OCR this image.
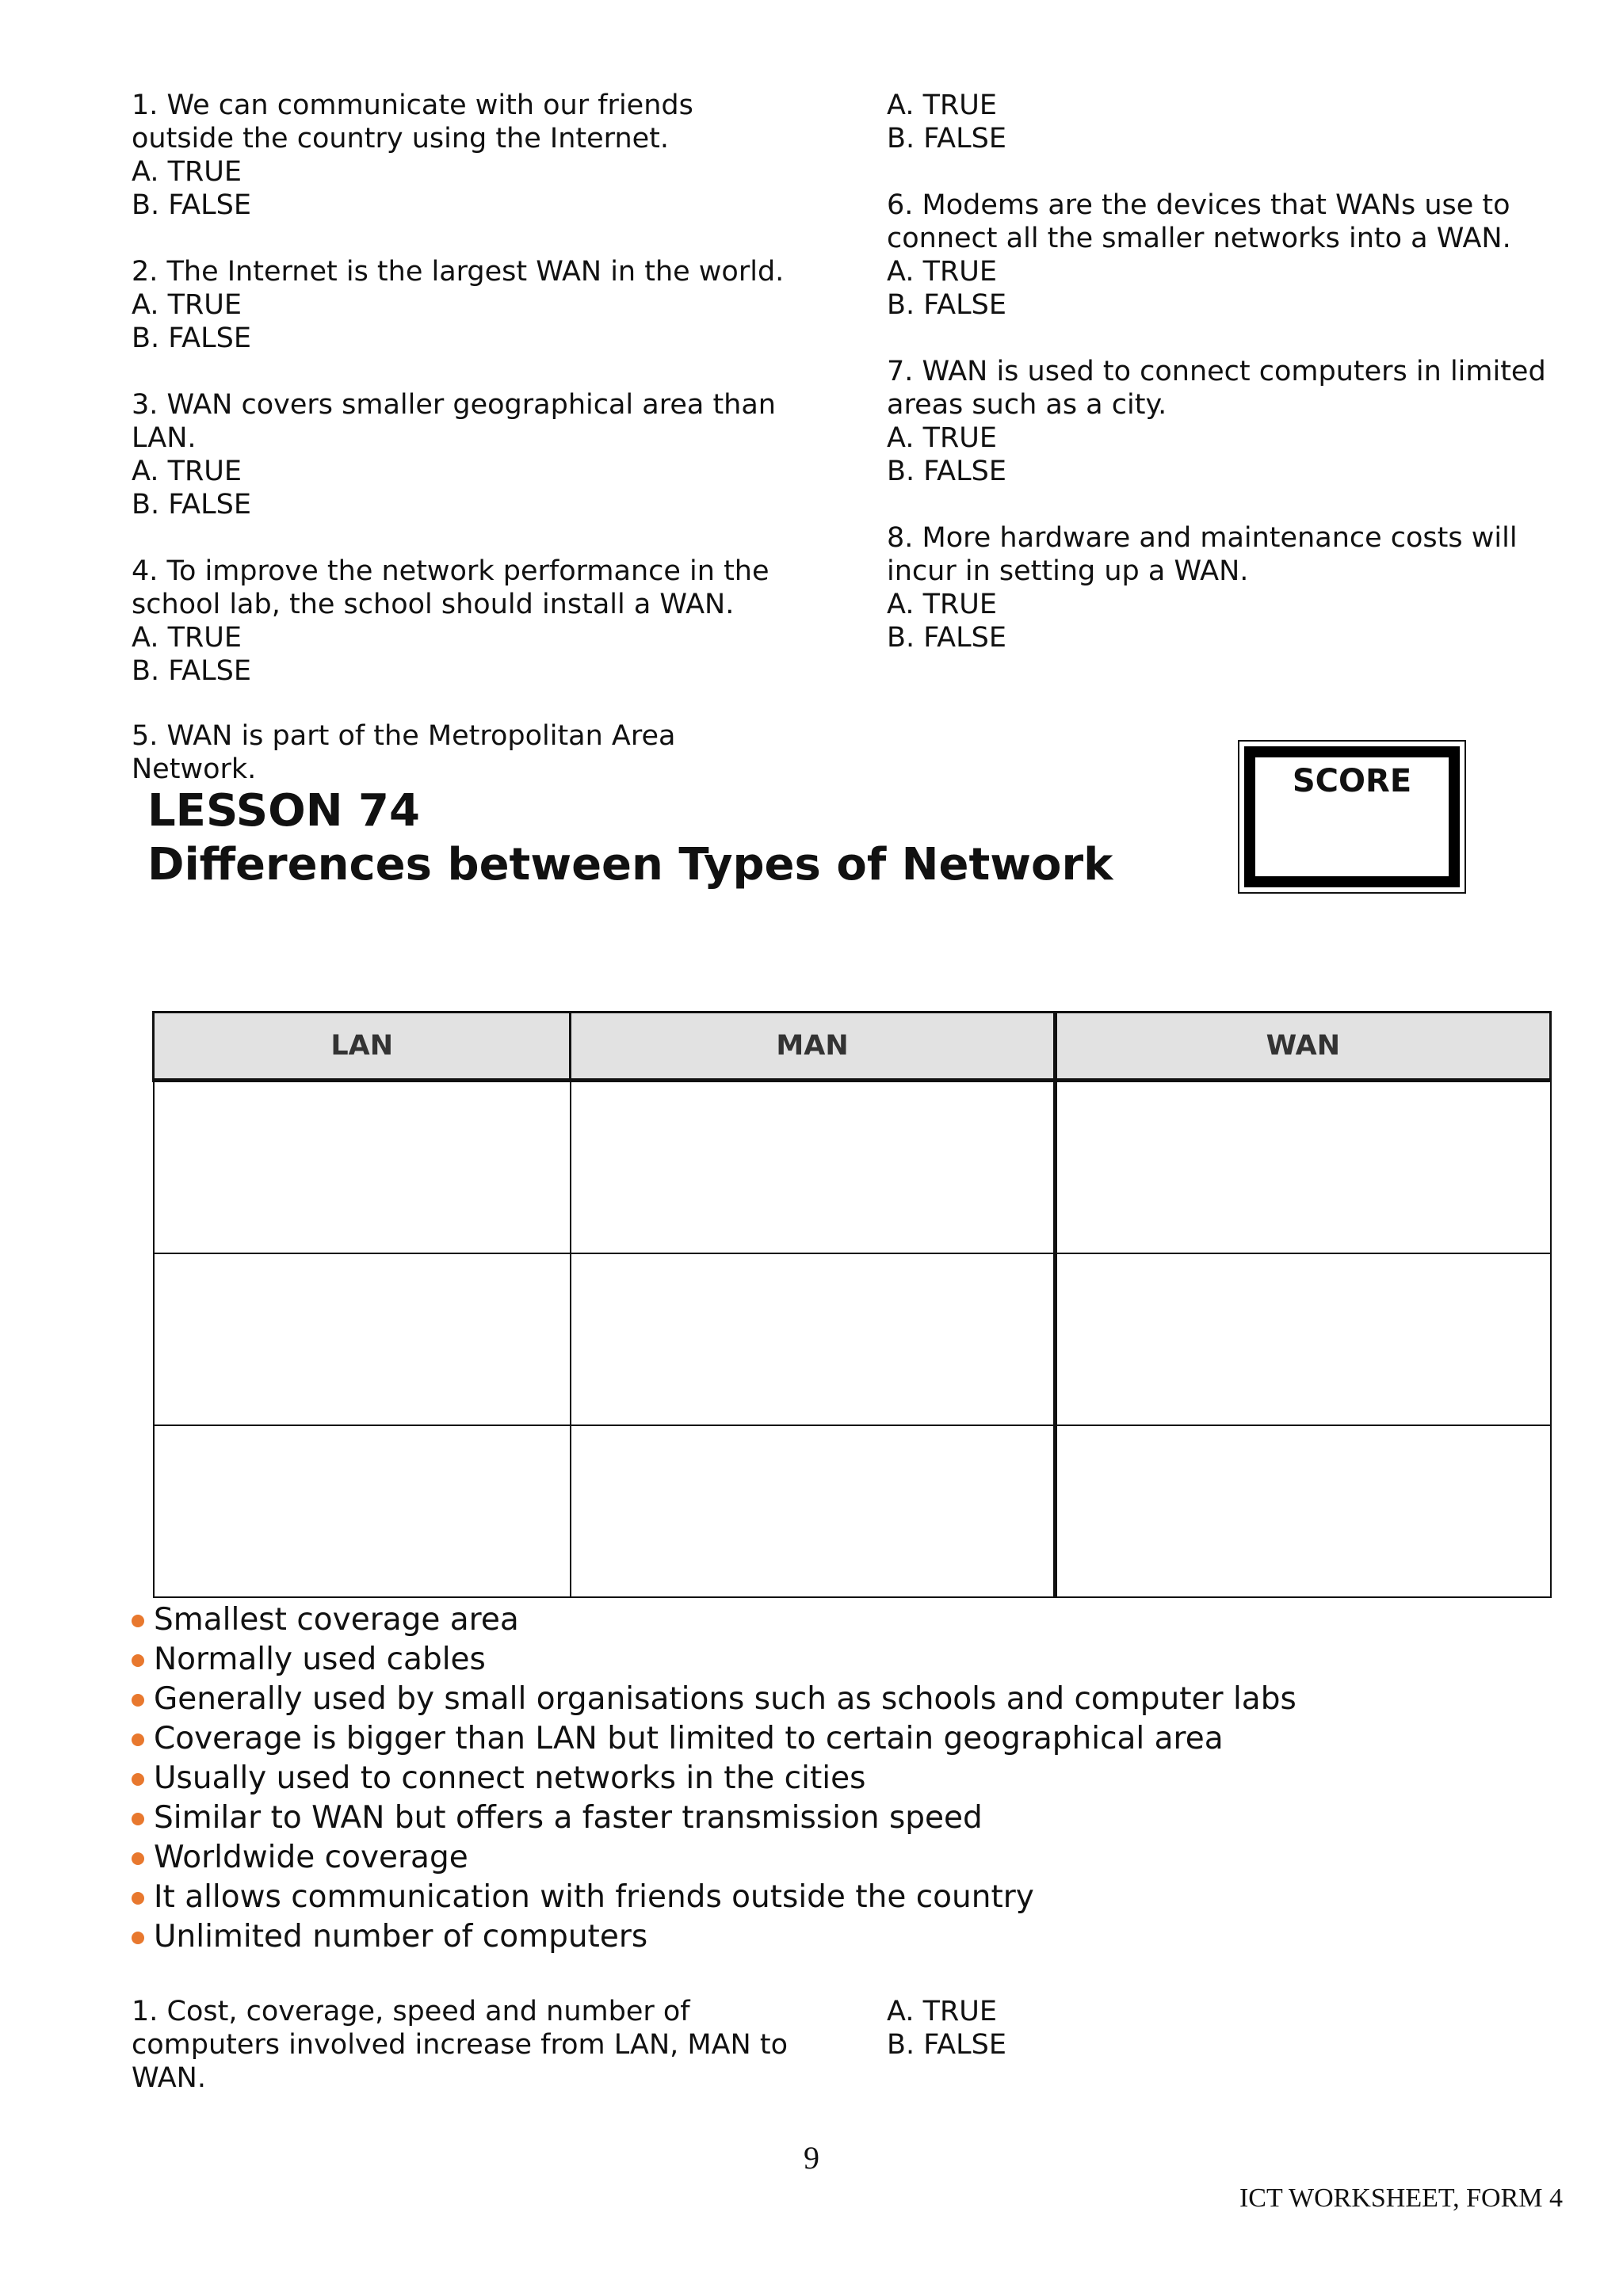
1. We can communicate with our friends
outside the country using the Internet.
A. TRUE
B. FALSE
2. The Internet is the largest WAN in the world.
A. TRUE
B. FALSE
3. WAN covers smaller geographical area than
LAN.
A. TRUE
B. FALSE
4. To improve the network performance in the
school lab, the school should install a WAN.
A. TRUE
B. FALSE
5. WAN is part of the Metropolitan Area
Network.
A. TRUE
B. FALSE
6. Modems are the devices that WANs use to
connect all the smaller networks into a WAN.
A. TRUE
B. FALSE
7. WAN is used to connect computers in limited
areas such as a city.
A. TRUE
B. FALSE
8. More hardware and maintenance costs will
incur in setting up a WAN.
A. TRUE
B. FALSE
LESSON 74
Differences between Types of Network
SCORE
LAN	MAN	WAN

Smallest coverage area
Normally used cables
Generally used by small organisations such as schools and computer labs
Coverage is bigger than LAN but limited to certain geographical area
Usually used to connect networks in the cities
Similar to WAN but offers a faster transmission speed
Worldwide coverage
It allows communication with friends outside the country
Unlimited number of computers
1. Cost, coverage, speed and number of
computers involved increase from LAN, MAN to
WAN.
A. TRUE
B. FALSE
9
ICT WORKSHEET, FORM 4
